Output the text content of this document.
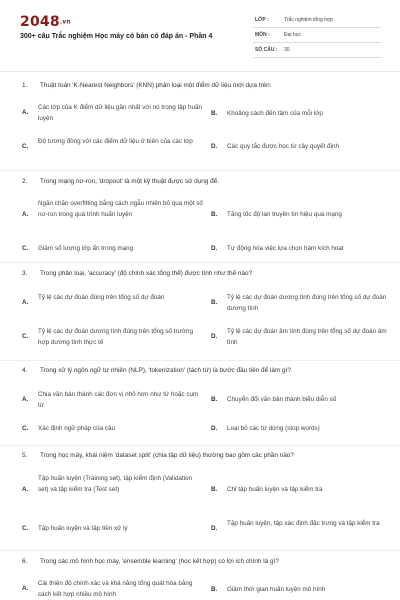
2048.vn
300+ câu Trắc nghiệm Học máy có bản có đáp án - Phần 4
LỚP :	Trắc nghiệm tổng hợp
MÔN :	Đại học
SỐ CÂU : 30
1. Thuật toán 'K-Nearest Neighbors' (KNN) phân loại một điểm dữ liệu mới dựa trên:
A.
Các lớp của K điểm dữ liệu gần nhất với nó trong tập huấn luyện
B. Khoảng cách đến tâm của mỗi lớp
C.
Độ tương đồng với các điểm dữ liệu ở biên của các lớp
D. Các quy tắc được học từ cây quyết định
2. Trong mạng nơ-ron, 'dropout' là một kỹ thuật được sử dụng để:
A.
Ngăn chặn overfitting bằng cách ngẫu nhiên bỏ qua một số nơ-ron trong quá trình huấn luyện	B. Tăng tốc độ lan truyền tín hiệu qua mạng
C. Giảm số lượng lớp ẩn trong mạng	D. Tự động hóa việc lựa chọn hàm kích hoạt
3. Trong phân loại, 'accuracy' (độ chính xác tổng thể) được tính như thế nào?
A.
Tỷ lệ các dự đoán đúng trên tổng số dự đoán
B.
Tỷ lệ các dự đoán dương tính đúng trên tổng số dự đoán dương tính
C.
Tỷ lệ các dự đoán dương tính đúng trên tổng số trường hợp dương tính thực tế
D.
Tỷ lệ các dự đoán âm tính đúng trên tổng số dự đoán âm tính
4. Trong xử lý ngôn ngữ tự nhiên (NLP), 'tokenization' (tách từ) là bước đầu tiên để làm gì?
A.
Chia văn bản thành các đơn vị nhỏ hơn như từ hoặc cụm từ
B. Chuyển đổi văn bản thành biểu diễn số
C. Xác định ngữ pháp của câu	D. Loại bỏ các từ dừng (stop words)
5. Trong học máy, khái niệm 'dataset split' (chia tập dữ liệu) thường bao gồm các phần nào?
A.
Tập huấn luyện (Training set), tập kiểm định (Validation set) và tập kiểm tra (Test set)	B. Chỉ tập huấn luyện và tập kiểm tra
C. Tập huấn luyện và tập tiền xử lý	D.
Tập huấn luyện, tập xác định đặc trưng và tập kiểm tra
6. Trong các mô hình học máy, 'ensemble learning' (học kết hợp) có lợi ích chính là gì?
A.
Cải thiện độ chính xác và khả năng tổng quát hóa bằng cách kết hợp nhiều mô hình
B. Giảm thời gian huấn luyện mô hình
